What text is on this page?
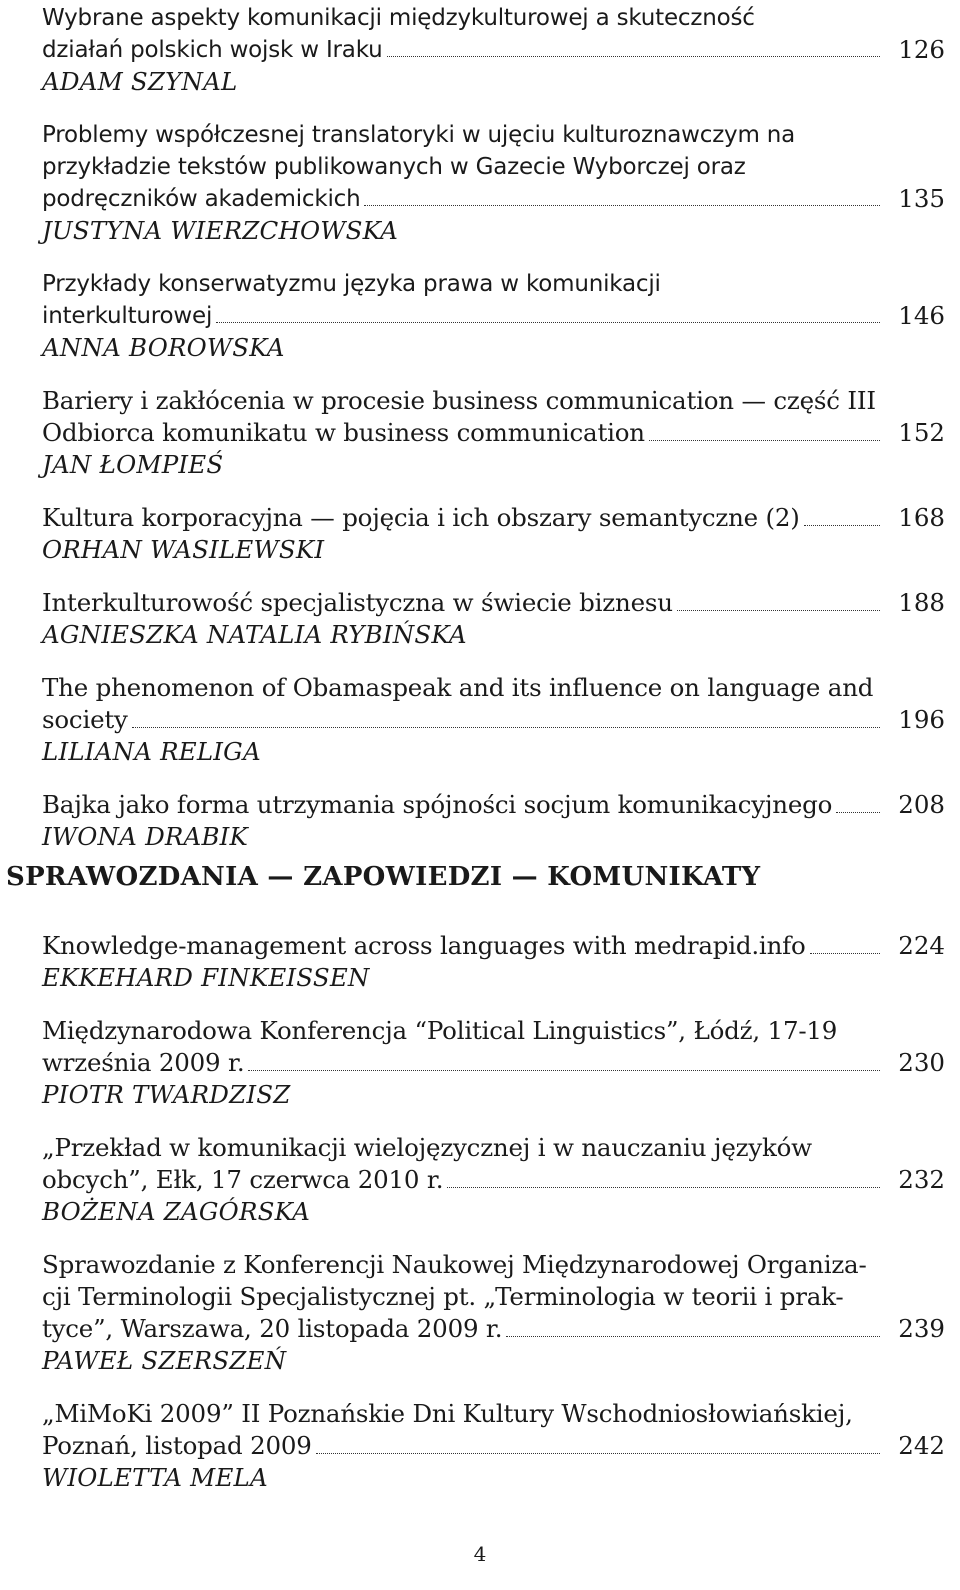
Wybrane aspekty komunikacji międzykulturowej a skuteczność
działań polskich wojsk w Iraku	126
ADAM SZYNAL
Problemy współczesnej translatoryki w ujęciu kulturoznawczym na
przykładzie tekstów publikowanych w Gazecie Wyborczej oraz
podręczników akademickich	135
JUSTYNA WIERZCHOWSKA
Przykłady konserwatyzmu języka prawa w komunikacji
interkulturowej	146
ANNA BOROWSKA
Bariery i zakłócenia w procesie business communication — część III
Odbiorca komunikatu w business communication	152
JAN ŁOMPIEŚ
Kultura korporacyjna — pojęcia i ich obszary semantyczne (2)	168
ORHAN WASILEWSKI
Interkulturowość specjalistyczna w świecie biznesu	188
AGNIESZKA NATALIA RYBIŃSKA
The phenomenon of Obamaspeak and its influence on language and
society	196
LILIANA RELIGA
Bajka jako forma utrzymania spójności socjum komunikacyjnego	208
IWONA DRABIK
SPRAWOZDANIA — ZAPOWIEDZI — KOMUNIKATY
Knowledge-management across languages with medrapid.info	224
EKKEHARD FINKEISSEN
Międzynarodowa Konferencja “Political Linguistics”, Łódź, 17-19
września 2009 r.	230
PIOTR TWARDZISZ
„Przekład w komunikacji wielojęzycznej i w nauczaniu języków
obcych”, Ełk, 17 czerwca 2010 r.	232
BOŻENA ZAGÓRSKA
Sprawozdanie z Konferencji Naukowej Międzynarodowej Organiza-
cji Terminologii Specjalistycznej pt. „Terminologia w teorii i prak-
tyce”, Warszawa, 20 listopada 2009 r.	239
PAWEŁ SZERSZEŃ
„MiMoKi 2009” II Poznańskie Dni Kultury Wschodniosłowiańskiej,
Poznań, listopad 2009	242
WIOLETTA MELA
4
